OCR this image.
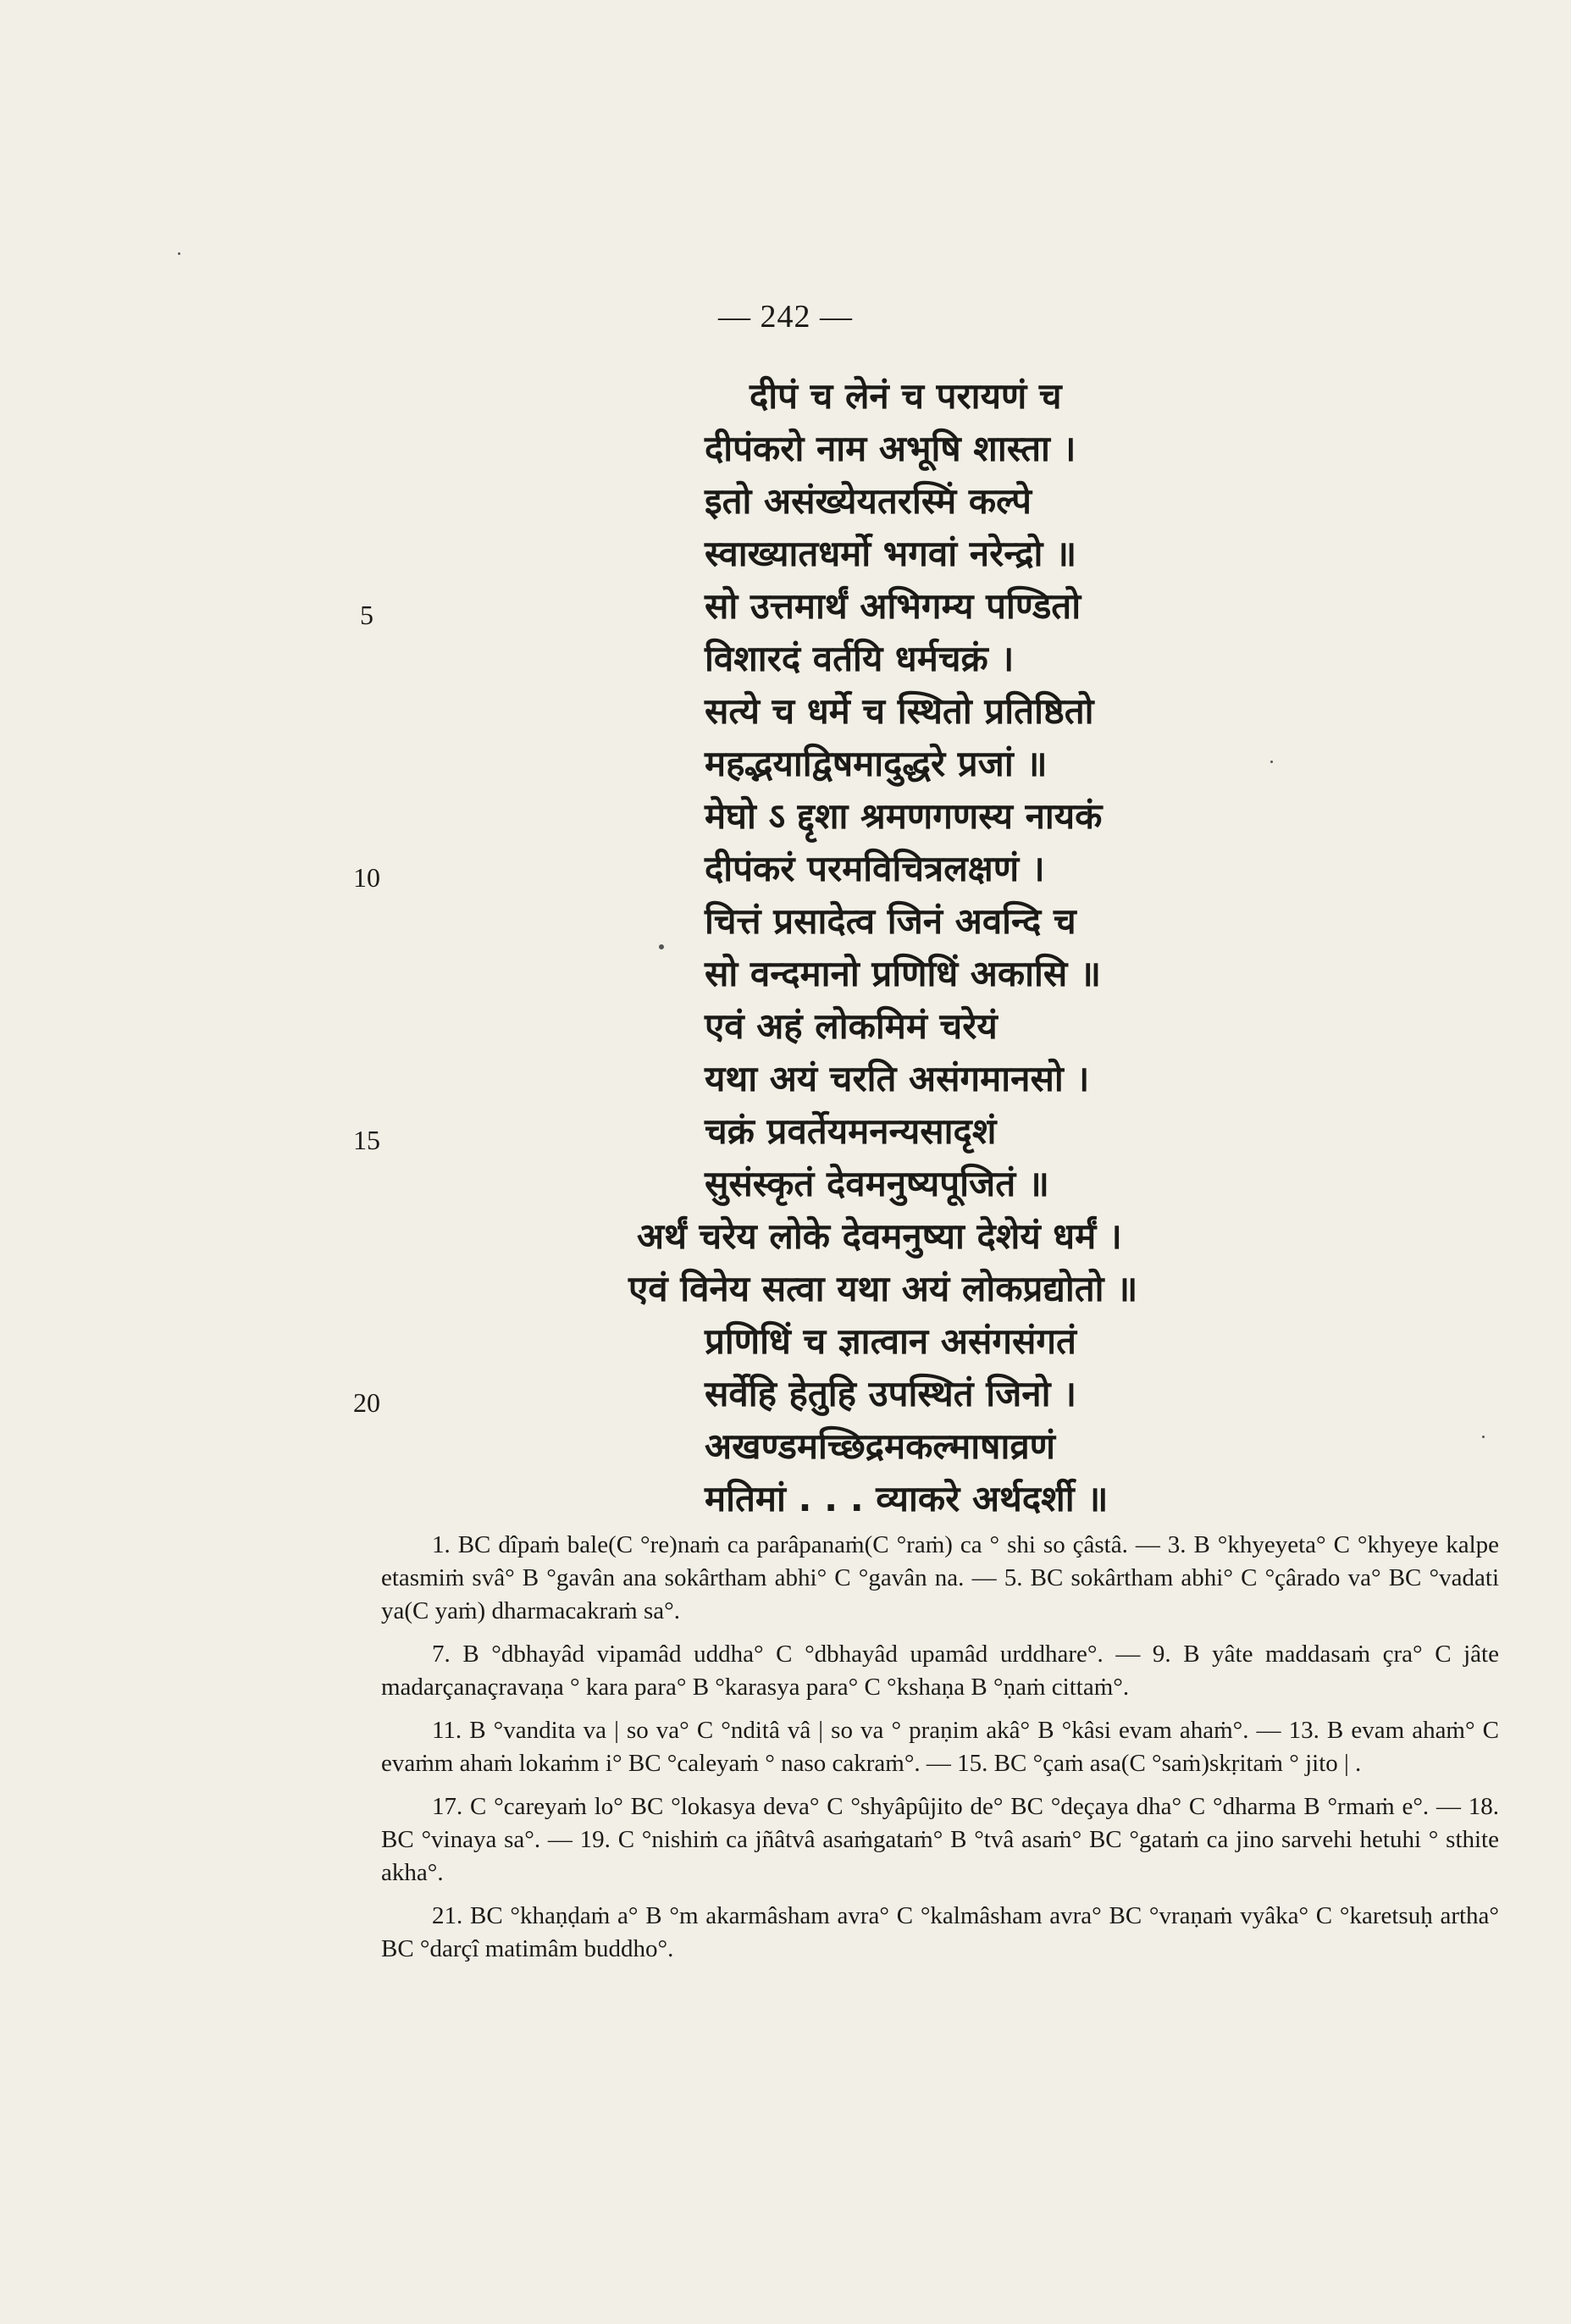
— 242 —
दीपं च लेनं च परायणं च
दीपंकरो नाम अभूषि शास्ता ।
इतो असंख्येयतरस्मिं कल्पे
स्वाख्यातधर्मो भगवां नरेन्द्रो ॥
सो उत्तमार्थं अभिगम्य पण्डितो
विशारदं वर्तयि धर्मचक्रं ।
सत्ये च धर्मे च स्थितो प्रतिष्ठितो
महद्भयाद्विषमादुद्धरे प्रजां ॥
मेघो ऽ द्दृशा श्रमणगणस्य नायकं
दीपंकरं परमविचित्रलक्षणं ।
चित्तं प्रसादेत्व जिनं अवन्दि च
सो वन्दमानो प्रणिधिं अकासि ॥
एवं अहं लोकमिमं चरेयं
यथा अयं चरति असंगमानसो ।
चक्रं प्रवर्तेयमनन्यसादृशं
सुसंस्कृतं देवमनुष्यपूजितं ॥
अर्थं चरेय लोके देवमनुष्या देशेयं धर्मं ।
एवं विनेय सत्वा यथा अयं लोकप्रद्योतो ॥
प्रणिधिं च ज्ञात्वान असंगसंगतं
सर्वेहि हेतुहि उपस्थितं जिनो ।
अखण्डमच्छिद्रमकल्माषाव्रणं
मतिमां . . . व्याकरे अर्थदर्शी ॥
5
10
15
20

1. BC dîpaṁ bale(C °re)naṁ ca parâpanaṁ(C °raṁ) ca ° shi so çâstâ. — 3. B °khyeyeta° C °khyeye kalpe etasmiṁ svâ° B °gavân ana sokârtham abhi° C °gavân na. — 5. BC sokârtham abhi° C °çârado va° BC °vadati ya(C yaṁ) dharmacakraṁ sa°.

7. B °dbhayâd vipamâd uddha° C °dbhayâd upamâd urddhare°. — 9. B yâte maddasaṁ çra° C jâte madarçanaçravaṇa ° kara para° B °karasya para° C °kshaṇa B °ṇaṁ cittaṁ°.

11. B °vandita va | so va° C °nditâ vâ | so va ° praṇim akâ° B °kâsi evam ahaṁ°. — 13. B evam ahaṁ° C evaṁm ahaṁ lokaṁm i° BC °caleyaṁ ° naso cakraṁ°. — 15. BC °çaṁ asa(C °saṁ)skṛitaṁ ° jito | .

17. C °careyaṁ lo° BC °lokasya deva° C °shyâpûjito de° BC °deçaya dha° C °dharma B °rmaṁ e°. — 18. BC °vinaya sa°. — 19. C °nishiṁ ca jñâtvâ asaṁgataṁ° B °tvâ asaṁ° BC °gataṁ ca jino sarvehi hetuhi ° sthite akha°.

21. BC °khaṇḍaṁ a° B °m akarmâsham avra° C °kalmâsham avra° BC °vraṇaṁ vyâka° C °karetsuḥ artha° BC °darçî matimâm buddho°.
